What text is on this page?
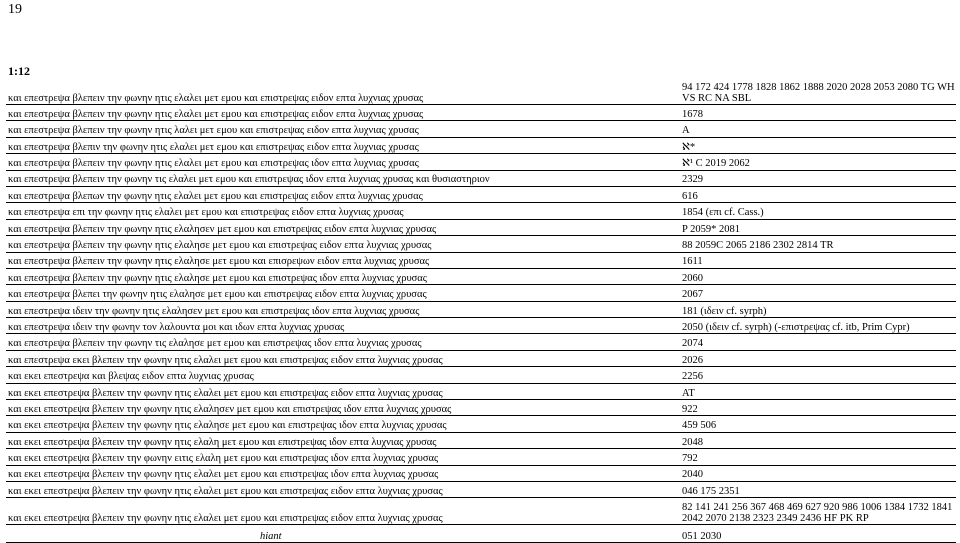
19
1:12
και επεστρεψα βλεπειν την φωνην ητις ελαλει μετ εμου και επιστρεψας ειδον επτα λυχνιας χρυσας	94 172 424 1778 1828 1862 1888 2020 2028 2053 2080 TG WH VS RC NA SBL
και επεστρεψα βλεπειν την φωνην ητις ελαλει μετ εμου και επιστρεψας ειδον επτα λυχνιας χρυσας	1678
και επεστρεψα βλεπειν την φωνην ητις λαλει μετ εμου και επιστρεψας ειδον επτα λυχνιας χρυσας	A
και επεστρεψα βλεπιν την φωνην ητις ελαλει μετ εμου και επιστρεψας ειδον επτα λυχνιας χρυσας	ℵ*
και επεστρεψα βλεπειν την φωνην ητις ελαλει μετ εμου και επιστρεψας ιδον επτα λυχνιας χρυσας	ℵ¹ C 2019 2062
και επεστρεψα βλεπειν την φωνην τις ελαλει μετ εμου και επιστρεψας ιδον επτα λυχνιας χρυσας και θυσιαστηριον	2329
και επεστρεψα βλεπων την φωνην ητις ελαλει μετ εμου και επιστρεψας ειδον επτα λυχνιας χρυσας	616
και επεστρεψα επι την φωνην ητις ελαλει μετ εμου και επιστρεψας ειδον επτα λυχνιας χρυσας	1854 (επι cf. Cass.)
και επεστρεψα βλεπειν την φωνην ητις ελαλησεν μετ εμου και επιστρεψας ειδον επτα λυχνιας χρυσας	P 2059* 2081
και επεστρεψα βλεπειν την φωνην ητις ελαλησε μετ εμου και επιστρεψας ειδον επτα λυχνιας χρυσας	88 2059C 2065 2186 2302 2814 TR
και επεστρεψα βλεπειν την φωνην ητις ελαλησε μετ εμου και επισρεψων ειδον επτα λυχνιας χρυσας	1611
και επεστρεψα βλεπειν την φωνην ητις ελαλησε μετ εμου και επιστρεψας ιδον επτα λυχνιας χρυσας	2060
και επεστρεψα βλεπει την φωνην ητις ελαλησε μετ εμου και επιστρεψας ειδον επτα λυχνιας χρυσας	2067
και επεστρεψα ιδειν την φωνην ητις ελαλησεν μετ εμου και επιστρεψας ιδον επτα λυχνιας χρυσας	181 (ιδειν cf. syrph)
και επεστρεψα ιδειν την φωνην τον λαλουντα μοι και ιδων επτα λυχνιας χρυσας	2050 (ιδειν cf. syrph) (-επιστρεψας cf. itb, Prim Cypr)
και επεστρεψα βλεπειν την φωνην τις ελαλησε μετ εμου και επιστρεψας ιδον επτα λυχνιας χρυσας	2074
και επεστρεψα εκει βλεπειν την φωνην ητις ελαλει μετ εμου και επιστρεψας ειδον επτα λυχνιας χρυσας	2026
και εκει επεστρεψα και βλεψας ειδον επτα λυχνιας χρυσας	2256
και εκει επεστρεψα βλεπειν την φωνην ητις ελαλει μετ εμου και επιστρεψας ειδον επτα λυχνιας χρυσας	AT
και εκει επεστρεψα βλεπειν την φωνην ητις ελαλησεν μετ εμου και επιστρεψας ιδον επτα λυχνιας χρυσας	922
και εκει επεστρεψα βλεπειν την φωνην ητις ελαλησε μετ εμου και επιστρεψας ιδον επτα λυχνιας χρυσας	459 506
και εκει επεστρεψα βλεπειν την φωνην ητις ελαλη μετ εμου και επιστρεψας ιδον επτα λυχνιας χρυσας	2048
και εκει επεστρεψα βλεπειν την φωνην ειτις ελαλη μετ εμου και επιστρεψας ιδον επτα λυχνιας χρυσας	792
και εκει επεστρεψα βλεπειν την φωνην ητις ελαλει μετ εμου και επιστρεψας ιδον επτα λυχνιας χρυσας	2040
και εκει επεστρεψα βλεπειν την φωνην ητις ελαλει μετ εμου και επιστρεψας ειδον επτα λυχνιας χρυσας	046 175 2351
και εκει επεστρεψα βλεπειν την φωνην ητις ελαλει μετ εμου και επιστρεψας ειδον επτα λυχνιας χρυσας	82 141 241 256 367 468 469 627 920 986 1006 1384 1732 1841 2042 2070 2138 2323 2349 2436 HF PK RP
hiant	051 2030
